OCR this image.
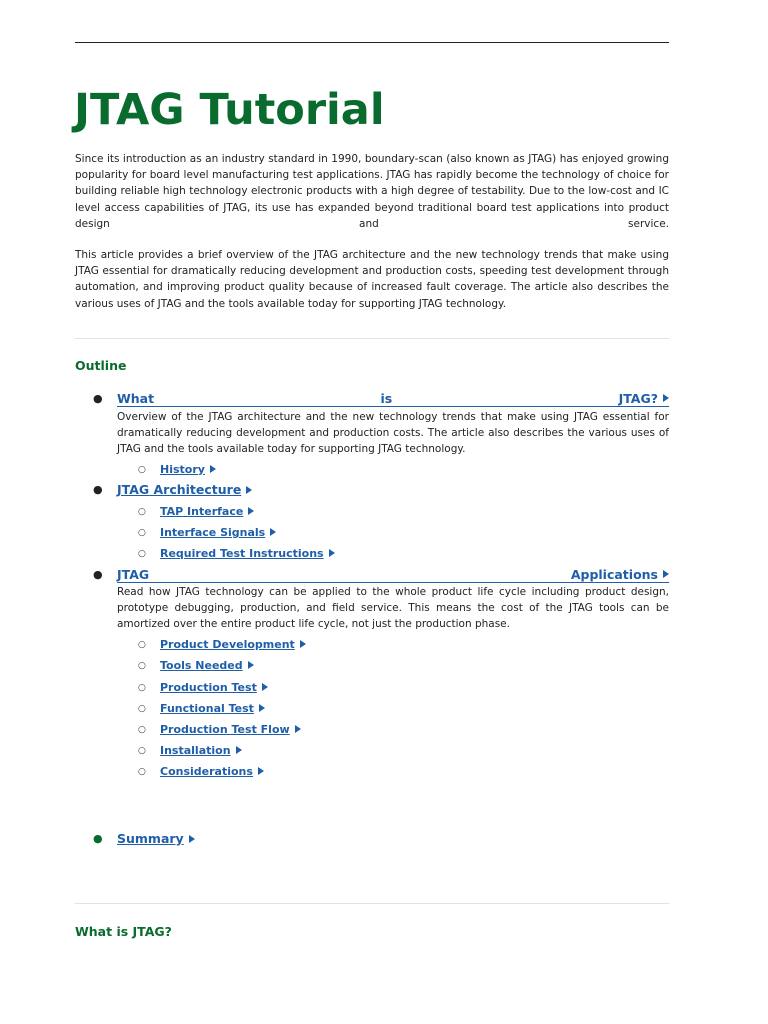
JTAG Tutorial

Since its introduction as an industry standard in 1990, boundary-scan (also known as JTAG) has enjoyed growing popularity for board level manufacturing test applications. JTAG has rapidly become the technology of choice for building reliable high technology electronic products with a high degree of testability. Due to the low-cost and IC level access capabilities of JTAG, its use has expanded beyond traditional board test applications into product design and service.

This article provides a brief overview of the JTAG architecture and the new technology trends that make using JTAG essential for dramatically reducing development and production costs, speeding test development through automation, and improving product quality because of increased fault coverage. The article also describes the various uses of JTAG and the tools available today for supporting JTAG technology.

Outline
● What	is	JTAG?

Overview of the JTAG architecture and the new technology trends that make using JTAG essential for dramatically reducing development and production costs. The article also describes the various uses of JTAG and the tools available today for supporting JTAG technology.

○ History
● JTAG Architecture
○ TAP Interface
○ Interface Signals
○ Required Test Instructions
● JTAG	Applications

Read how JTAG technology can be applied to the whole product life cycle including product design, prototype debugging, production, and field service. This means the cost of the JTAG tools can be amortized over the entire product life cycle, not just the production phase.

○ Product Development
○ Tools Needed
○ Production Test
○ Functional Test
○ Production Test Flow
○ Installation
○ Considerations
● Summary
What is JTAG?
